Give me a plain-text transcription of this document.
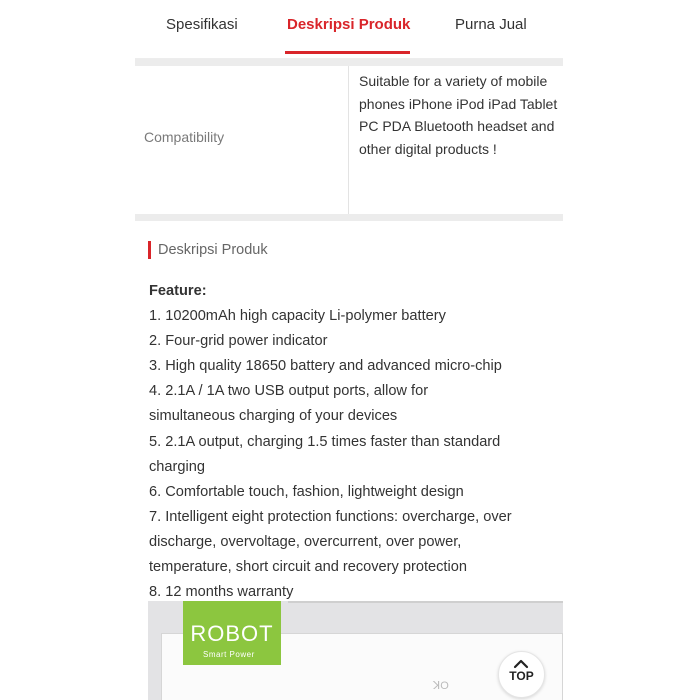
Spesifikasi	Deskripsi Produk	Purna Jual
Compatibility
Suitable for a variety of mobile phones iPhone iPod iPad Tablet PC PDA Bluetooth headset and other digital products !
Deskripsi Produk
Feature:
1. 10200mAh high capacity Li-polymer battery
2. Four-grid power indicator
3. High quality 18650 battery and advanced micro-chip
4. 2.1A / 1A two USB output ports, allow for
simultaneous charging of your devices
5. 2.1A output, charging 1.5 times faster than standard
charging
6. Comfortable touch, fashion, lightweight design
7. Intelligent eight protection functions: overcharge, over
discharge, overvoltage, overcurrent, over power,
temperature, short circuit and recovery protection
8. 12 months warranty
ROBOT
Smart Power
ꓘO
TOP
